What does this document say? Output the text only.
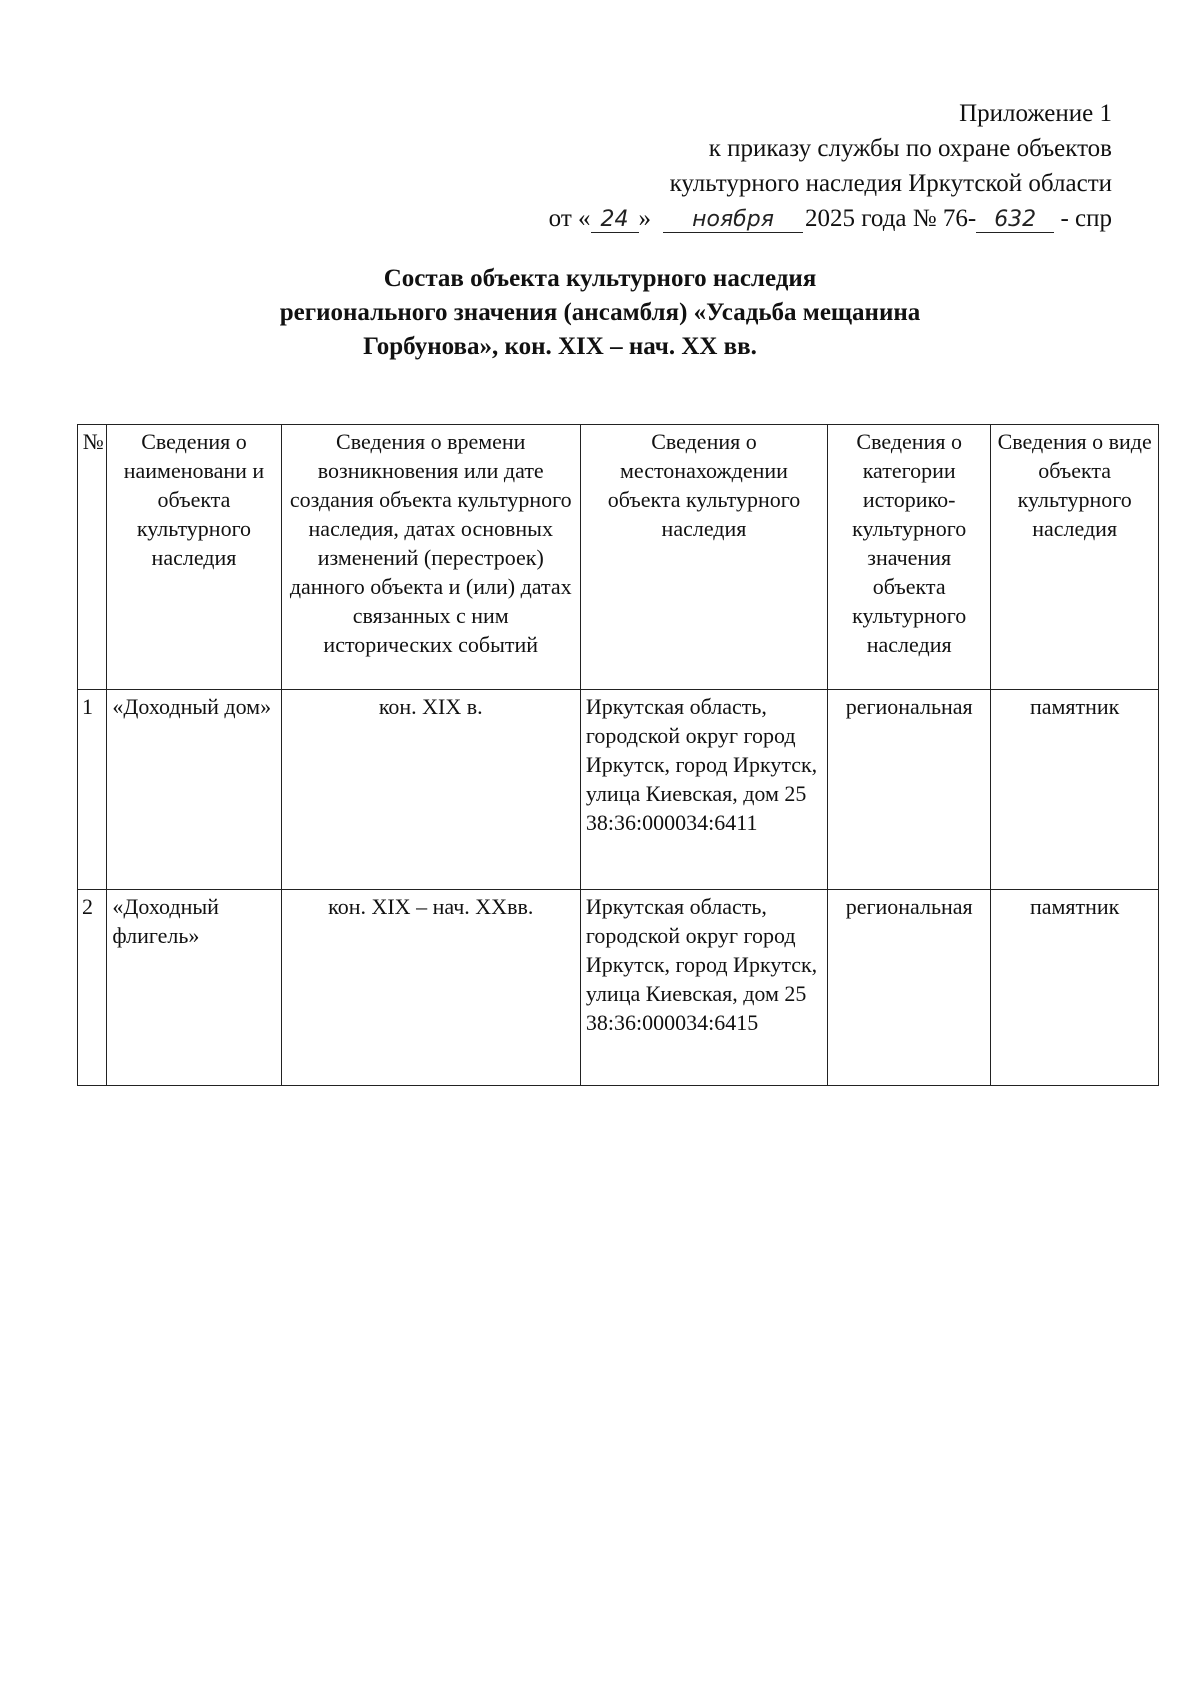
Приложение 1
к приказу службы по охране объектов
культурного наследия Иркутской области
от « 24 » ноября 2025 года № 76- 632 - спр
Состав объекта культурного наследия
регионального значения (ансамбля) «Усадьба мещанина
Горбунова», кон. XIX – нач. XX вв.
№	Сведения о наименовани и объекта культурного наследия	Сведения о времени возникновения или дате создания объекта культурного наследия, датах основных изменений (перестроек) данного объекта и (или) датах связанных с ним исторических событий	Сведения о местонахождении объекта культурного наследия	Сведения о категории историко-культурного значения объекта культурного наследия	Сведения о виде объекта культурного наследия
1	«Доходный дом»	кон. XIX в.	Иркутская область, городской округ город Иркутск, город Иркутск, улица Киевская, дом 25 38:36:000034:6411	региональная	памятник
2	«Доходный флигель»	кон. XIX – нач. XXвв.	Иркутская область, городской округ город Иркутск, город Иркутск, улица Киевская, дом 25 38:36:000034:6415	региональная	памятник
